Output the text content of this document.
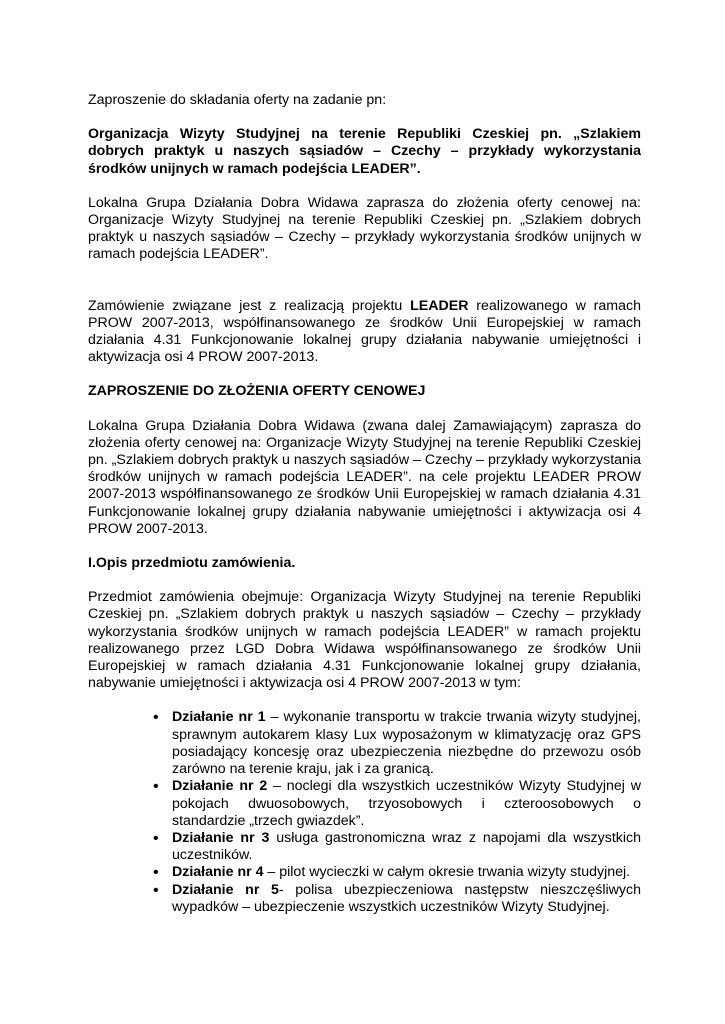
Zaproszenie do składania oferty na zadanie pn:

Organizacja Wizyty Studyjnej na terenie Republiki Czeskiej pn. „Szlakiem dobrych praktyk u naszych sąsiadów – Czechy – przykłady wykorzystania środków unijnych w ramach podejścia LEADER”.

Lokalna Grupa Działania Dobra Widawa zaprasza do złożenia oferty cenowej na: Organizacje Wizyty Studyjnej na terenie Republiki Czeskiej pn. „Szlakiem dobrych praktyk u naszych sąsiadów – Czechy – przykłady wykorzystania środków unijnych w ramach podejścia LEADER”.

Zamówienie związane jest z realizacją projektu LEADER realizowanego w ramach PROW 2007-2013, współfinansowanego ze środków Unii Europejskiej w ramach działania 4.31 Funkcjonowanie lokalnej grupy działania nabywanie umiejętności i aktywizacja osi 4 PROW 2007-2013.

ZAPROSZENIE DO ZŁOŻENIA OFERTY CENOWEJ

Lokalna Grupa Działania Dobra Widawa (zwana dalej Zamawiającym) zaprasza do złożenia oferty cenowej na: Organizacje Wizyty Studyjnej na terenie Republiki Czeskiej pn. „Szlakiem dobrych praktyk u naszych sąsiadów – Czechy – przykłady wykorzystania środków unijnych w ramach podejścia LEADER”. na cele projektu LEADER PROW 2007-2013 współfinansowanego ze środków Unii Europejskiej w ramach działania 4.31 Funkcjonowanie lokalnej grupy działania nabywanie umiejętności i aktywizacja osi 4 PROW 2007-2013.

I.Opis przedmiotu zamówienia.

Przedmiot zamówienia obejmuje: Organizacja Wizyty Studyjnej na terenie Republiki Czeskiej pn. „Szlakiem dobrych praktyk u naszych sąsiadów – Czechy – przykłady wykorzystania środków unijnych w ramach podejścia LEADER” w ramach projektu realizowanego przez LGD Dobra Widawa współfinansowanego ze środków Unii Europejskiej w ramach działania 4.31 Funkcjonowanie lokalnej grupy działania, nabywanie umiejętności i aktywizacja osi 4 PROW 2007-2013 w tym:

• Działanie nr 1 – wykonanie transportu w trakcie trwania wizyty studyjnej, sprawnym autokarem klasy Lux wyposażonym w klimatyzację oraz GPS posiadający koncesję oraz ubezpieczenia niezbędne do przewozu osób zarówno na terenie kraju, jak i za granicą.
• Działanie nr 2 – noclegi dla wszystkich uczestników Wizyty Studyjnej w pokojach dwuosobowych, trzyosobowych i czteroosobowych o standardzie „trzech gwiazdek”.
• Działanie nr 3 usługa gastronomiczna wraz z napojami dla wszystkich uczestników.
• Działanie nr 4 – pilot wycieczki w całym okresie trwania wizyty studyjnej.
• Działanie nr 5- polisa ubezpieczeniowa następstw nieszczęśliwych wypadków – ubezpieczenie wszystkich uczestników Wizyty Studyjnej.
